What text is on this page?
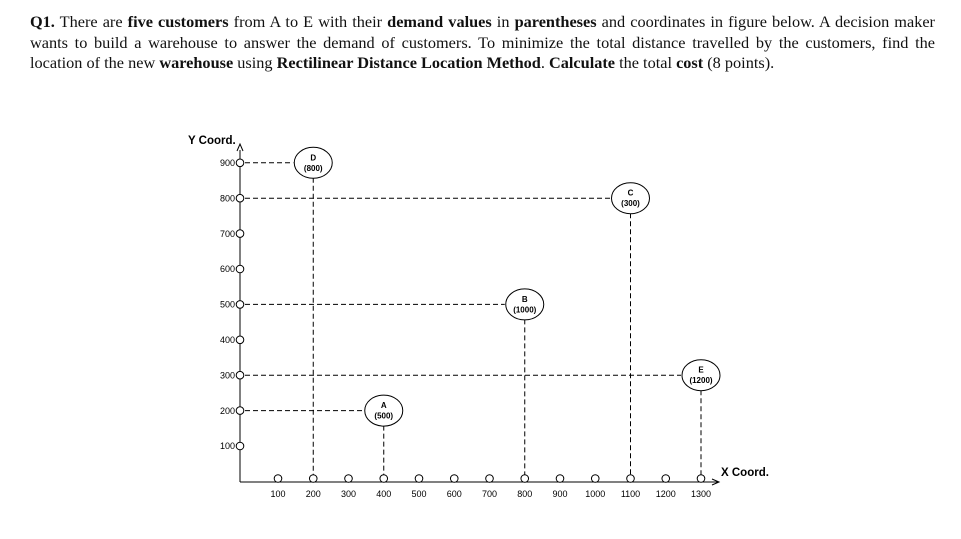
Q1. There are five customers from A to E with their demand values in parentheses and coordinates in figure below. A decision maker wants to build a warehouse to answer the demand of customers. To minimize the total distance travelled by the customers, find the location of the new warehouse using Rectilinear Distance Location Method. Calculate the total cost (8 points).
Y Coord.
X Coord.
100
200
300
400
500
600
700
800
900
100 200 300 400 500 600 700 800 900 1000 1100 1200 1300
A
(500)
B
(1000)
C
(300)
D
(800)
E
(1200)
